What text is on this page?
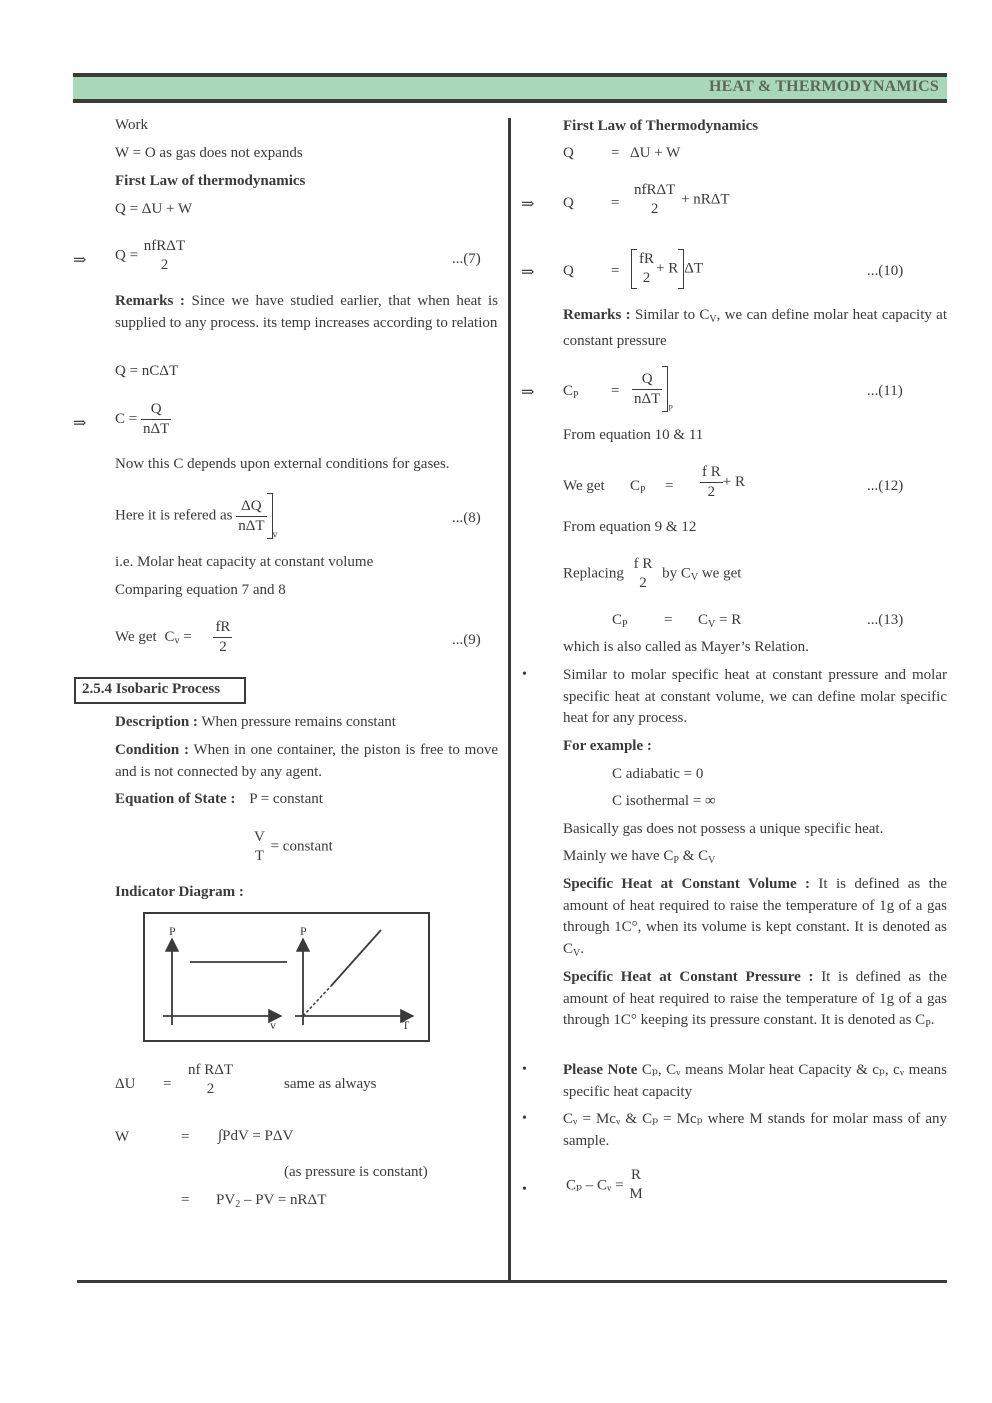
HEAT & THERMODYNAMICS
Work
W = O as gas does not expands
First Law of thermodynamics
Q = ΔU + W
⇒ Q =
nfRΔT
2	...(7)
Remarks : Since we have studied earlier, that when heat is supplied to any process. its temp increases according to relation
Q = nCΔT
⇒ $C = \frac{Q}{\text{nΔT}}$
Now this C depends upon external conditions for gases.
Here it is refered as $\frac{\Delta Q}{\text{nΔT}} _v$
...(8)
i.e. Molar heat capacity at constant volume
Comparing equation 7 and 8
We get $C_v = \frac{fR}{2}$	...(9)
2.5.4 Isobaric Process
Description : When pressure remains constant
Condition : When in one container, the piston is free to move and is not connected by any agent.
Equation of State : P = constant
V
T
= constant
Indicator Diagram :
P
v
P
T
ΔU =
nf RΔT
2	same as always
W	= ∫PdV = PΔV
(as pressure is constant)
= $PV_2$ – PV = nRΔT
First Law of Thermodynamics
Q = ΔU + W
⇒ Q =
nfRΔT
2
+ nRΔT
⇒ Q =
fR
2
+ R ΔT	...(10)
Remarks : Similar to $C_V$, we can define molar heat capacity at constant pressure
⇒ $C_P = \frac{Q}{\text{nΔT}} _P$
...(11)
From equation 10 & 11
We get $C_P = \frac{\text{f R}}{2} + R$	...(12)
From equation 9 & 12
Replacing
f R
2
by $C_V$ we get
$C_P = C_V = R$	...(13)
which is also called as Mayer’s Relation.
• Similar to molar specific heat at constant pressure and molar specific heat at constant volume, we can define molar specific heat for any process.
For example :
C adiabatic = 0
C isothermal = ∞
Basically gas does not possess a unique specific heat.
Mainly we have $C_P$ & $C_V$
Specific Heat at Constant Volume : It is defined as the amount of heat required to raise the temperature of 1g of a gas through 1C°, when its volume is kept constant. It is denoted as $C_V$.
Specific Heat at Constant Pressure : It is defined as the amount of heat required to raise the temperature of 1g of a gas through 1C° keeping its pressure constant. It is denoted as $C_P$.
• Please Note Cₚ, Cᵥ means Molar heat Capacity & cₚ, cᵥ means specific heat capacity
• Cᵥ = Mcᵥ & Cₚ = Mcₚ where M stands for molar mass of any sample.
•	Cₚ – Cᵥ =
R
M
